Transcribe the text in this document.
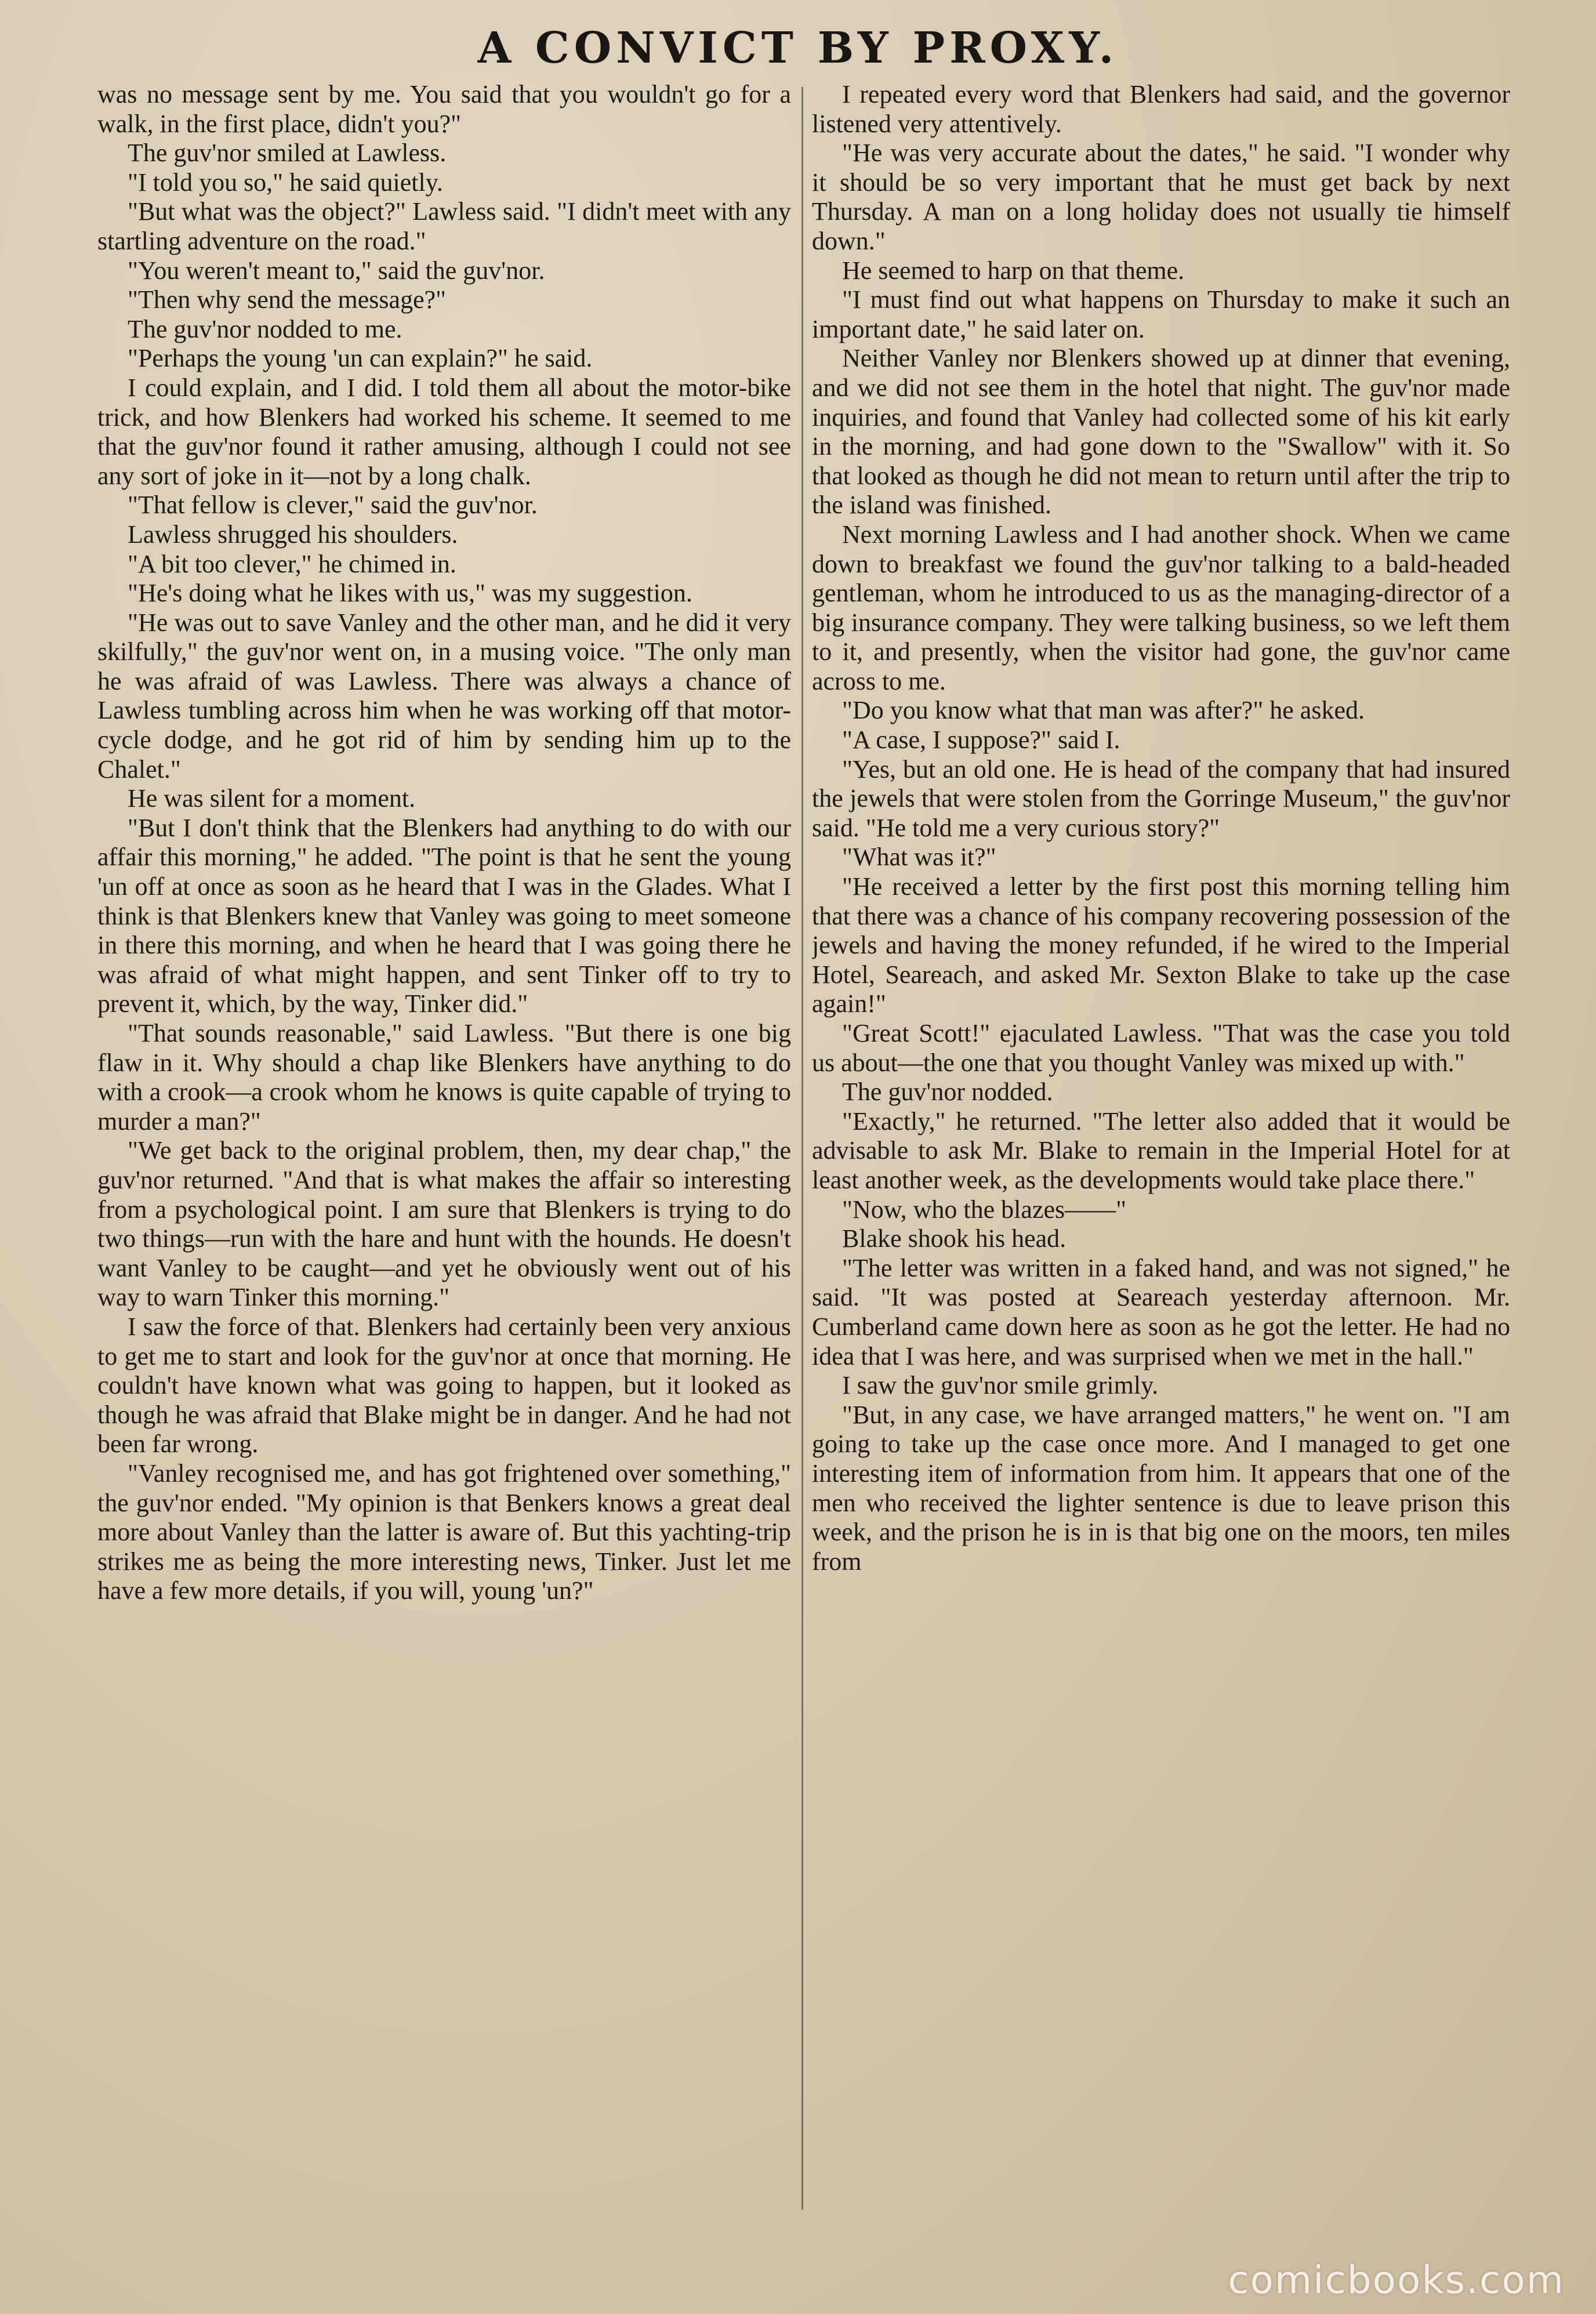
A CONVICT BY PROXY.

was no message sent by me. You said that you wouldn't go for a walk, in the first place, didn't you?"

The guv'nor smiled at Lawless.

"I told you so," he said quietly.

"But what was the object?" Lawless said. "I didn't meet with any startling adventure on the road."

"You weren't meant to," said the guv'nor.

"Then why send the message?"

The guv'nor nodded to me.

"Perhaps the young 'un can explain?" he said.

I could explain, and I did. I told them all about the motor-bike trick, and how Blenkers had worked his scheme. It seemed to me that the guv'nor found it rather amusing, although I could not see any sort of joke in it—not by a long chalk.

"That fellow is clever," said the guv'nor.

Lawless shrugged his shoulders.

"A bit too clever," he chimed in.

"He's doing what he likes with us," was my suggestion.

"He was out to save Vanley and the other man, and he did it very skilfully," the guv'nor went on, in a musing voice. "The only man he was afraid of was Lawless. There was always a chance of Lawless tumbling across him when he was working off that motor-cycle dodge, and he got rid of him by sending him up to the Chalet."

He was silent for a moment.

"But I don't think that the Blenkers had anything to do with our affair this morning," he added. "The point is that he sent the young 'un off at once as soon as he heard that I was in the Glades. What I think is that Blenkers knew that Vanley was going to meet someone in there this morning, and when he heard that I was going there he was afraid of what might happen, and sent Tinker off to try to prevent it, which, by the way, Tinker did."

"That sounds reasonable," said Lawless. "But there is one big flaw in it. Why should a chap like Blenkers have anything to do with a crook—a crook whom he knows is quite capable of trying to murder a man?"

"We get back to the original problem, then, my dear chap," the guv'nor returned. "And that is what makes the affair so interesting from a psychological point. I am sure that Blenkers is trying to do two things—run with the hare and hunt with the hounds. He doesn't want Vanley to be caught—and yet he obviously went out of his way to warn Tinker this morning."

I saw the force of that. Blenkers had certainly been very anxious to get me to start and look for the guv'nor at once that morning. He couldn't have known what was going to happen, but it looked as though he was afraid that Blake might be in danger. And he had not been far wrong.

"Vanley recognised me, and has got frightened over something," the guv'nor ended. "My opinion is that Benkers knows a great deal more about Vanley than the latter is aware of. But this yachting-trip strikes me as being the more interesting news, Tinker. Just let me have a few more details, if you will, young 'un?"

I repeated every word that Blenkers had said, and the governor listened very attentively.

"He was very accurate about the dates," he said. "I wonder why it should be so very important that he must get back by next Thursday. A man on a long holiday does not usually tie himself down."

He seemed to harp on that theme.

"I must find out what happens on Thursday to make it such an important date," he said later on.

Neither Vanley nor Blenkers showed up at dinner that evening, and we did not see them in the hotel that night. The guv'nor made inquiries, and found that Vanley had collected some of his kit early in the morning, and had gone down to the "Swallow" with it. So that looked as though he did not mean to return until after the trip to the island was finished.

Next morning Lawless and I had another shock. When we came down to breakfast we found the guv'nor talking to a bald-headed gentleman, whom he introduced to us as the managing-director of a big insurance company. They were talking business, so we left them to it, and presently, when the visitor had gone, the guv'nor came across to me.

"Do you know what that man was after?" he asked.

"A case, I suppose?" said I.

"Yes, but an old one. He is head of the company that had insured the jewels that were stolen from the Gorringe Museum," the guv'nor said. "He told me a very curious story?"

"What was it?"

"He received a letter by the first post this morning telling him that there was a chance of his company recovering possession of the jewels and having the money refunded, if he wired to the Imperial Hotel, Seareach, and asked Mr. Sexton Blake to take up the case again!"

"Great Scott!" ejaculated Lawless. "That was the case you told us about—the one that you thought Vanley was mixed up with."

The guv'nor nodded.

"Exactly," he returned. "The letter also added that it would be advisable to ask Mr. Blake to remain in the Imperial Hotel for at least another week, as the developments would take place there."

"Now, who the blazes——"

Blake shook his head.

"The letter was written in a faked hand, and was not signed," he said. "It was posted at Seareach yesterday afternoon. Mr. Cumberland came down here as soon as he got the letter. He had no idea that I was here, and was surprised when we met in the hall."

I saw the guv'nor smile grimly.

"But, in any case, we have arranged matters," he went on. "I am going to take up the case once more. And I managed to get one interesting item of information from him. It appears that one of the men who received the lighter sentence is due to leave prison this week, and the prison he is in is that big one on the moors, ten miles from

comicbooks.com
